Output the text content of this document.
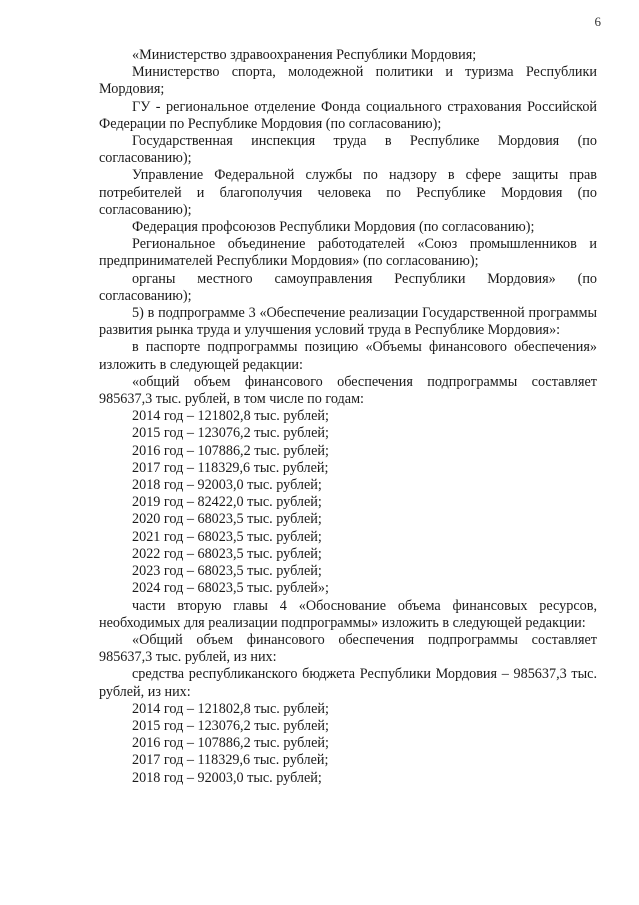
6

«Министерство здравоохранения Республики Мордовия;

Министерство спорта, молодежной политики и туризма Республики Мордовия;

ГУ - региональное отделение Фонда социального страхования Российской Федерации по Республике Мордовия (по согласованию);

Государственная инспекция труда в Республике Мордовия (по согласованию);

Управление Федеральной службы по надзору в сфере защиты прав потребителей и благополучия человека по Республике Мордовия (по согласованию);

Федерация профсоюзов Республики Мордовия (по согласованию);

Региональное объединение работодателей «Союз промышленников и предпринимателей Республики Мордовия» (по согласованию);

органы местного самоуправления Республики Мордовия» (по согласованию);

5) в подпрограмме 3 «Обеспечение реализации Государственной программы развития рынка труда и улучшения условий труда в Республике Мордовия»:

в паспорте подпрограммы позицию «Объемы финансового обеспечения» изложить в следующей редакции:

«общий объем финансового обеспечения подпрограммы составляет 985637,3 тыс. рублей, в том числе по годам:

2014 год – 121802,8 тыс. рублей;

2015 год – 123076,2 тыс. рублей;

2016 год – 107886,2 тыс. рублей;

2017 год – 118329,6 тыс. рублей;

2018 год – 92003,0 тыс. рублей;

2019 год – 82422,0 тыс. рублей;

2020 год – 68023,5 тыс. рублей;

2021 год – 68023,5 тыс. рублей;

2022 год – 68023,5 тыс. рублей;

2023 год – 68023,5 тыс. рублей;

2024 год – 68023,5 тыс. рублей»;

части вторую главы 4 «Обоснование объема финансовых ресурсов, необходимых для реализации подпрограммы» изложить в следующей редакции:

«Общий объем финансового обеспечения подпрограммы составляет 985637,3 тыс. рублей, из них:

средства республиканского бюджета Республики Мордовия – 985637,3 тыс. рублей, из них:

2014 год – 121802,8 тыс. рублей;

2015 год – 123076,2 тыс. рублей;

2016 год – 107886,2 тыс. рублей;

2017 год – 118329,6 тыс. рублей;

2018 год – 92003,0 тыс. рублей;
